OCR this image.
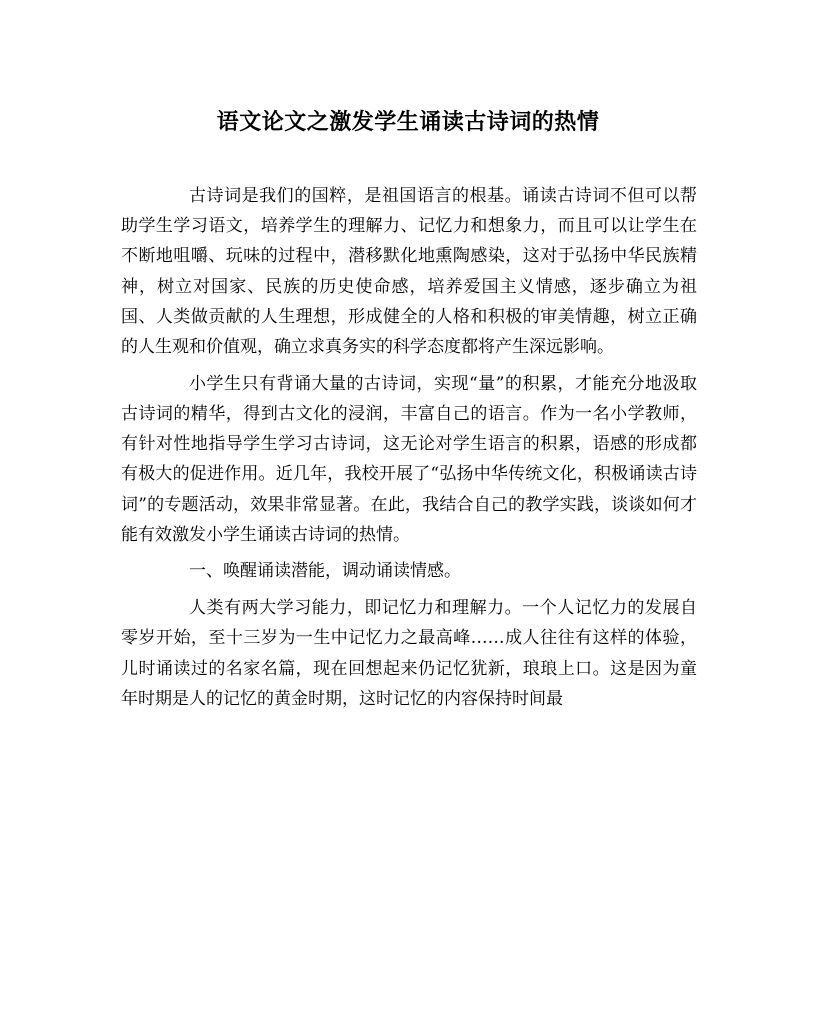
语文论文之激发学生诵读古诗词的热情

古诗词是我们的国粹，是祖国语言的根基。诵读古诗词不但可以帮助学生学习语文，培养学生的理解力、记忆力和想象力，而且可以让学生在不断地咀嚼、玩味的过程中，潜移默化地熏陶感染，这对于弘扬中华民族精神，树立对国家、民族的历史使命感，培养爱国主义情感，逐步确立为祖国、人类做贡献的人生理想，形成健全的人格和积极的审美情趣，树立正确的人生观和价值观，确立求真务实的科学态度都将产生深远影响。

小学生只有背诵大量的古诗词，实现“量”的积累，才能充分地汲取古诗词的精华，得到古文化的浸润，丰富自己的语言。作为一名小学教师，有针对性地指导学生学习古诗词，这无论对学生语言的积累，语感的形成都有极大的促进作用。近几年，我校开展了“弘扬中华传统文化，积极诵读古诗词”的专题活动，效果非常显著。在此，我结合自己的教学实践，谈谈如何才能有效激发小学生诵读古诗词的热情。

一、唤醒诵读潜能，调动诵读情感。

人类有两大学习能力，即记忆力和理解力。一个人记忆力的发展自零岁开始，至十三岁为一生中记忆力之最高峰……成人往往有这样的体验，儿时诵读过的名家名篇，现在回想起来仍记忆犹新，琅琅上口。这是因为童年时期是人的记忆的黄金时期，这时记忆的内容保持时间最
